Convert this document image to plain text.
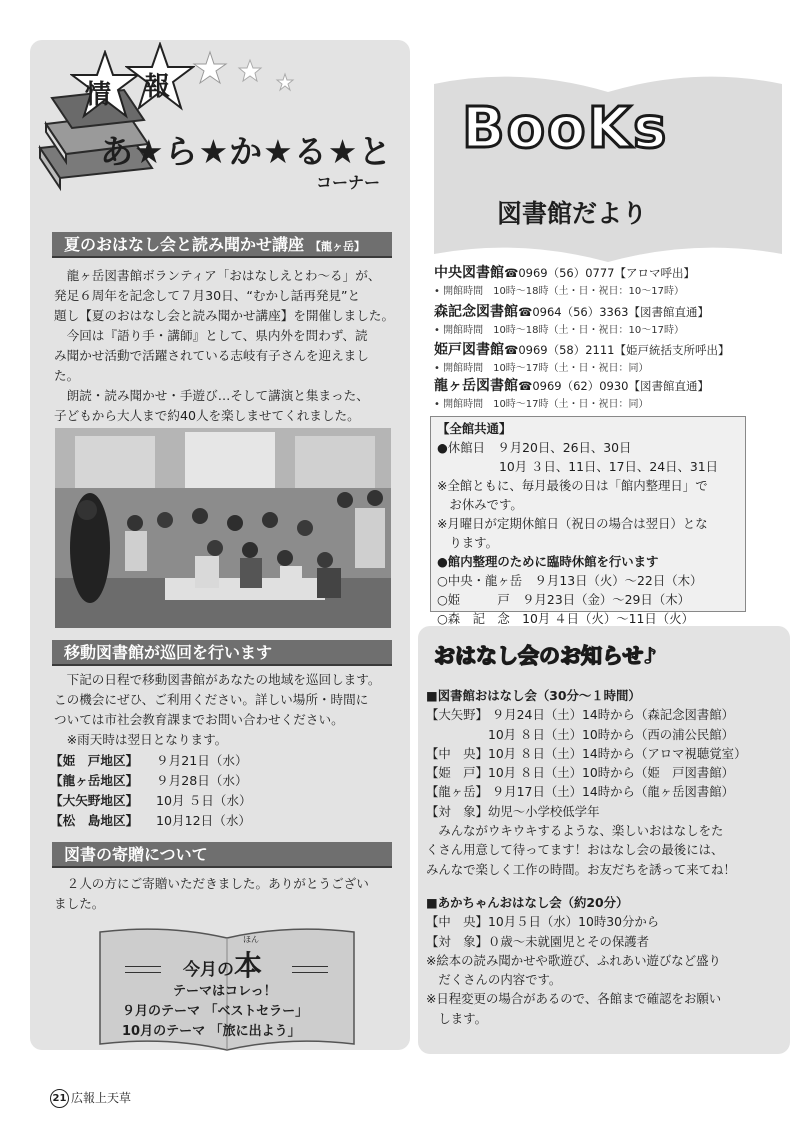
情 報
あ★ら★か★る★と
コーナー
夏のおはなし会と読み聞かせ講座 【龍ヶ岳】

龍ヶ岳図書館ボランティア「おはなしえとわ～る」が、

発足６周年を記念して７月30日、“むかし話再発見”と

題し【夏のおはなし会と読み聞かせ講座】を開催しました。

今回は『語り手・講師』として、県内外を問わず、読

み聞かせ活動で活躍されている志岐有子さんを迎えまし

た。

朗読・読み聞かせ・手遊び…そして講演と集まった、

子どもから大人まで約40人を楽しませてくれました。

移動図書館が巡回を行います

下記の日程で移動図書館があなたの地域を巡回します。

この機会にぜひ、ご利用ください。詳しい場所・時間に

ついては市社会教育課までお問い合わせください。

※雨天時は翌日となります。

【姫　戸地区】 ９月21日（水）

【龍ヶ岳地区】 ９月28日（水）

【大矢野地区】 10月 ５日（水）

【松　島地区】 10月12日（水）

図書の寄贈について

２人の方にご寄贈いただきました。ありがとうござい

ました。

ほん
今月の本
テーマはコレっ！
９月のテーマ 「ベストセラー」
10月のテーマ 「旅に出よう」
BooKs
図書館だより
中央図書館☎0969（56）0777【アロマ呼出】
• 開館時間　10時～18時（土・日・祝日：10～17時）
森記念図書館☎0964（56）3363【図書館直通】
• 開館時間　10時～18時（土・日・祝日：10～17時）
姫戸図書館☎0969（58）2111【姫戸統括支所呼出】
• 開館時間　10時～17時（土・日・祝日：同）
龍ヶ岳図書館☎0969（62）0930【図書館直通】
• 開館時間　10時～17時（土・日・祝日：同）

【全館共通】

●休館日　９月20日、26日、30日

　　　　　10月 ３日、11日、17日、24日、31日

※全館ともに、毎月最後の日は「館内整理日」で

　お休みです。

※月曜日が定期休館日（祝日の場合は翌日）とな

　ります。

●館内整理のために臨時休館を行います

○中央・龍ヶ岳　９月13日（火）～22日（木）

○姫　　　戸　９月23日（金）～29日（木）

○森　記　念　10月 ４日（火）～11日（火）

おはなし会のお知らせ♪

■図書館おはなし会（30分～１時間）

【大矢野】 ９月24日（土）14時から（森記念図書館）

　　　　　10月 ８日（土）10時から（西の浦公民館）

【中　央】10月 ８日（土）14時から（アロマ視聴覚室）

【姫　戸】10月 ８日（土）10時から（姫　戸図書館）

【龍ヶ岳】 ９月17日（土）14時から（龍ヶ岳図書館）

【対　象】幼児～小学校低学年

　みんながウキウキするような、楽しいおはなしをた

くさん用意して待ってます！おはなし会の最後には、

みんなで楽しく工作の時間。お友だちを誘って来てね！

■あかちゃんおはなし会（約20分）

【中　央】10月５日（水）10時30分から

【対　象】０歳～未就園児とその保護者

※絵本の読み聞かせや歌遊び、ふれあい遊びなど盛り

　だくさんの内容です。

※日程変更の場合があるので、各館まで確認をお願い

　します。

21 広報上天草
